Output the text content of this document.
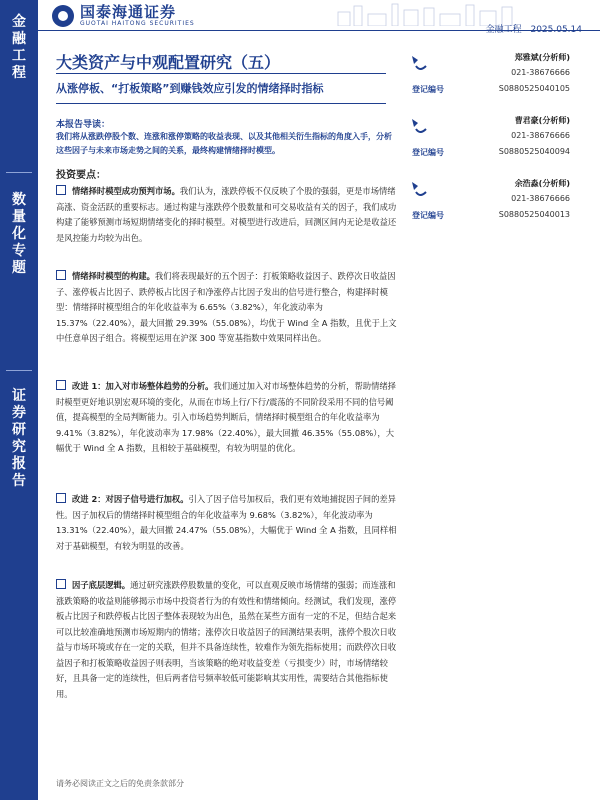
金
融
工
程
数
量
化
专
题
证
券
研
究
报
告
国泰海通证券
GUOTAI HAITONG SECURITIES
金融工程 2025.05.14
大类资产与中观配置研究（五）
从涨停板、“打板策略”到赚钱效应引发的情绪择时指标
本报告导读：
我们将从涨跌停股个数、连涨和涨停策略的收益表现、以及其他相关衍生指标的角度入手，分析这些因子与未来市场走势之间的关系，最终构建情绪择时模型。
投资要点：
情绪择时模型成功预判市场。我们认为，涨跌停板不仅反映了个股的强弱，更是市场情绪高涨、资金活跃的重要标志。通过构建与涨跌停个股数量和可交易收益有关的因子，我们成功构建了能够预测市场短期情绪变化的择时模型。对模型进行改进后，回测区间内无论是收益还是风控能力均较为出色。
情绪择时模型的构建。我们将表现最好的五个因子：打板策略收益因子、跌停次日收益因子、涨停板占比因子、跌停板占比因子和净涨停占比因子发出的信号进行整合，构建择时模型：情绪择时模型组合的年化收益率为 6.65%（3.82%），年化波动率为 15.37%（22.40%），最大回撤 29.39%（55.08%），均优于 Wind 全 A 指数，且优于上文中任意单因子组合。将模型运用在沪深 300 等宽基指数中效果同样出色。
改进 1：加入对市场整体趋势的分析。我们通过加入对市场整体趋势的分析，帮助情绪择时模型更好地识别宏观环境的变化，从而在市场上行/下行/震荡的不同阶段采用不同的信号阈值，提高模型的全局判断能力。引入市场趋势判断后，情绪择时模型组合的年化收益率为 9.41%（3.82%），年化波动率为 17.98%（22.40%），最大回撤 46.35%（55.08%），大幅优于 Wind 全 A 指数，且相较于基础模型，有较为明显的优化。
改进 2：对因子信号进行加权。引入了因子信号加权后，我们更有效地捕捉因子间的差异性。因子加权后的情绪择时模型组合的年化收益率为 9.68%（3.82%），年化波动率为 13.31%（22.40%），最大回撤 24.47%（55.08%），大幅优于 Wind 全 A 指数，且同样相对于基础模型，有较为明显的改善。
因子底层逻辑。通过研究涨跌停股数量的变化，可以直观反映市场情绪的强弱；而连涨和涨跌策略的收益则能够揭示市场中投资者行为的有效性和情绪倾向。经测试，我们发现，涨停板占比因子和跌停板占比因子整体表现较为出色，虽然在某些方面有一定的不足，但结合起来可以比较准确地预测市场短期内的情绪；涨停次日收益因子的回测结果表明，涨停个股次日收益与市场环境或存在一定的关联，但并不具备连续性，较难作为领先指标使用；而跌停次日收益因子和打板策略收益因子则表明，当该策略的绝对收益变差（亏损变少）时，市场情绪较好，且具备一定的连续性，但后两者信号频率较低可能影响其实用性，需要结合其他指标使用。
郑雅斌(分析师)
021-38676666
登记编号	S0880525040105
曹君豪(分析师)
021-38676666
登记编号	S0880525040094
余浩淼(分析师)
021-38676666
登记编号	S0880525040013
请务必阅读正文之后的免责条款部分
